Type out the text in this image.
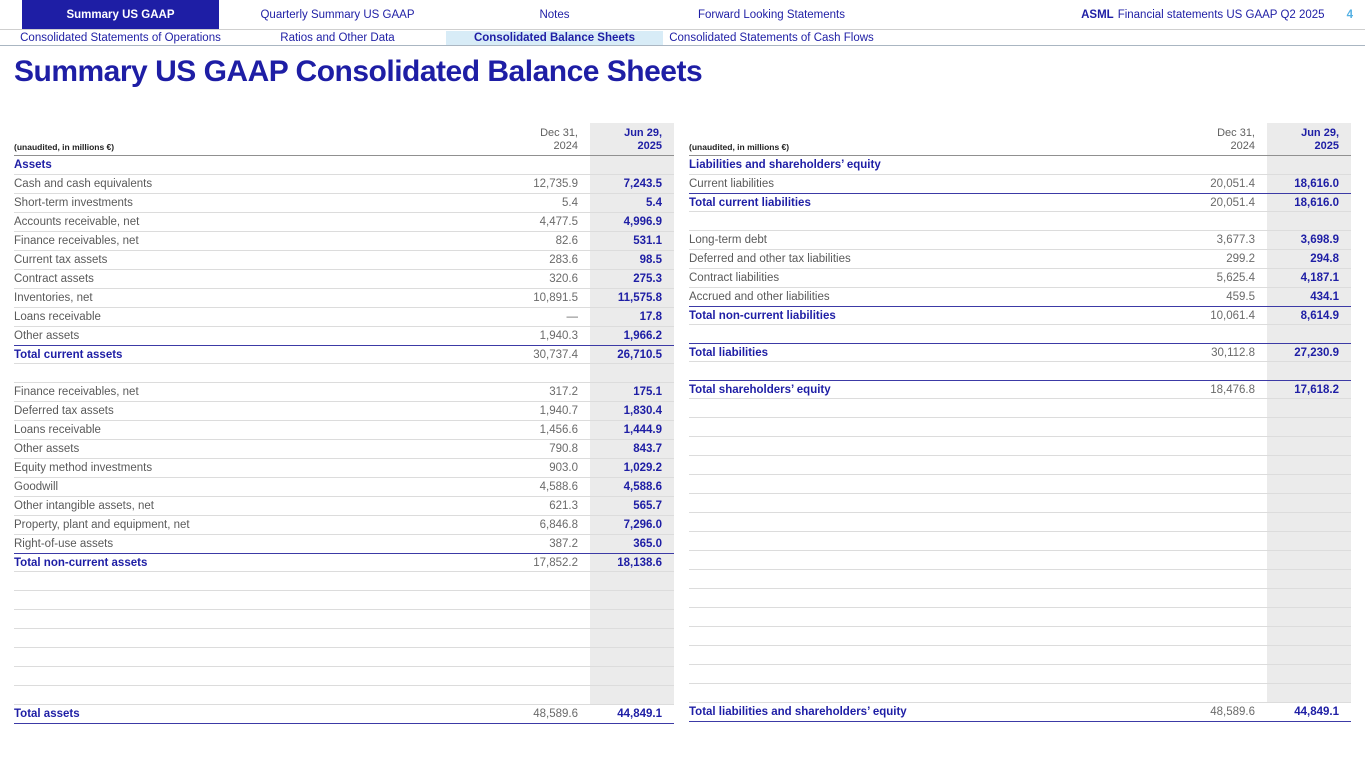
Summary US GAAP	Quarterly Summary US GAAP	Notes	Forward Looking Statements	ASML Financial statements US GAAP Q2 2025 4
Consolidated Statements of Operations	Ratios and Other Data	Consolidated Balance Sheets	Consolidated Statements of Cash Flows
Summary US GAAP Consolidated Balance Sheets
(unaudited, in millions €)
Dec 31,
2024
Jun 29,
2025
Assets
Cash and cash equivalents	12,735.9	7,243.5
Short-term investments	5.4	5.4
Accounts receivable, net	4,477.5	4,996.9
Finance receivables, net	82.6	531.1
Current tax assets	283.6	98.5
Contract assets	320.6	275.3
Inventories, net	10,891.5	11,575.8
Loans receivable	—	17.8
Other assets	1,940.3	1,966.2
Total current assets	30,737.4	26,710.5
Finance receivables, net	317.2	175.1
Deferred tax assets	1,940.7	1,830.4
Loans receivable	1,456.6	1,444.9
Other assets	790.8	843.7
Equity method investments	903.0	1,029.2
Goodwill	4,588.6	4,588.6
Other intangible assets, net	621.3	565.7
Property, plant and equipment, net	6,846.8	7,296.0
Right-of-use assets	387.2	365.0
Total non-current assets	17,852.2	18,138.6
Total assets	48,589.6	44,849.1
(unaudited, in millions €)
Dec 31,
2024
Jun 29,
2025
Liabilities and shareholders’ equity
Current liabilities	20,051.4	18,616.0
Total current liabilities	20,051.4	18,616.0
Long-term debt	3,677.3	3,698.9
Deferred and other tax liabilities	299.2	294.8
Contract liabilities	5,625.4	4,187.1
Accrued and other liabilities	459.5	434.1
Total non-current liabilities	10,061.4	8,614.9
Total liabilities	30,112.8	27,230.9
Total shareholders’ equity	18,476.8	17,618.2
Total liabilities and shareholders’ equity	48,589.6	44,849.1
